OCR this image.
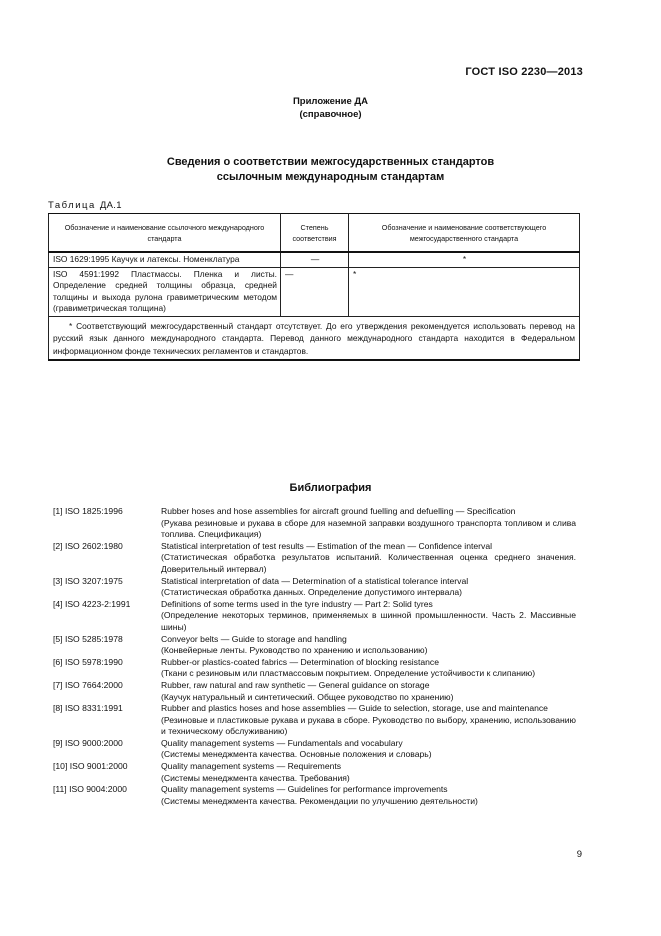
ГОСТ ISO 2230—2013
Приложение ДА
(справочное)
Сведения о соответствии межгосударственных стандартов
ссылочным международным стандартам
Таблица ДА.1
Обозначение и наименование ссылочного международного стандарта	Степень соответствия	Обозначение и наименование соответствующего межгосударственного стандарта
ISO 1629:1995 Каучук и латексы. Номенклатура	—	*
ISO 4591:1992 Пластмассы. Пленка и листы. Определение средней толщины образца, средней толщины и выхода рулона гравиметрическим методом (гравиметрическая толщина)	—	*
* Соответствующий межгосударственный стандарт отсутствует. До его утверждения рекомендуется использовать перевод на русский язык данного международного стандарта. Перевод данного международного стандарта находится в Федеральном информационном фонде технических регламентов и стандартов.		
Библиография
[1] ISO 1825:1996	Rubber hoses and hose assemblies for aircraft ground fuelling and defuelling — Specification
(Рукава резиновые и рукава в сборе для наземной заправки воздушного транспорта топливом и слива топлива. Спецификация)
[2] ISO 2602:1980	Statistical interpretation of test results — Estimation of the mean — Confidence interval
(Статистическая обработка результатов испытаний. Количественная оценка среднего значения. Доверительный интервал)
[3] ISO 3207:1975	Statistical interpretation of data — Determination of a statistical tolerance interval
(Статистическая обработка данных. Определение допустимого интервала)
[4] ISO 4223-2:1991	Definitions of some terms used in the tyre industry — Part 2: Solid tyres
(Определение некоторых терминов, применяемых в шинной промышленности. Часть 2. Массивные шины)
[5] ISO 5285:1978	Conveyor belts — Guide to storage and handling
(Конвейерные ленты. Руководство по хранению и использованию)
[6] ISO 5978:1990	Rubber-or plastics-coated fabrics — Determination of blocking resistance
(Ткани с резиновым или пластмассовым покрытием. Определение устойчивости к слипанию)
[7] ISO 7664:2000	Rubber, raw natural and raw synthetic — General guidance on storage
(Каучук натуральный и синтетический. Общее руководство по хранению)
[8] ISO 8331:1991	Rubber and plastics hoses and hose assemblies — Guide to selection, storage, use and maintenance
(Резиновые и пластиковые рукава и рукава в сборе. Руководство по выбору, хранению, использованию и техническому обслуживанию)
[9] ISO 9000:2000	Quality management systems — Fundamentals and vocabulary
(Системы менеджмента качества. Основные положения и словарь)
[10] ISO 9001:2000	Quality management systems — Requirements
(Системы менеджмента качества. Требования)
[11] ISO 9004:2000	Quality management systems — Guidelines for performance improvements
(Системы менеджмента качества. Рекомендации по улучшению деятельности)
9
